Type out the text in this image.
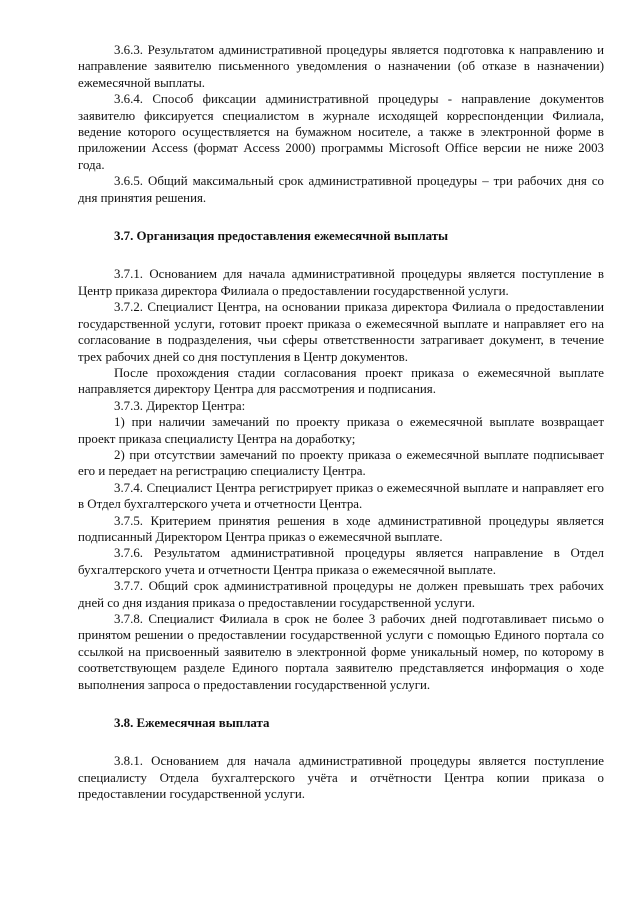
3.6.3. Результатом административной процедуры является подготовка к направлению и направление заявителю письменного уведомления о назначении (об отказе в назначении) ежемесячной выплаты.

3.6.4. Способ фиксации административной процедуры - направление документов заявителю фиксируется специалистом в журнале исходящей корреспонденции Филиала, ведение которого осуществляется на бумажном носителе, а также в электронной форме в приложении Access (формат Access 2000) программы Microsoft Office версии не ниже 2003 года.

3.6.5. Общий максимальный срок административной процедуры – три рабочих дня со дня принятия решения.

3.7. Организация предоставления ежемесячной выплаты

3.7.1. Основанием для начала административной процедуры является поступление в Центр приказа директора Филиала о предоставлении государственной услуги.

3.7.2. Специалист Центра, на основании приказа директора Филиала о предоставлении государственной услуги, готовит проект приказа о ежемесячной выплате и направляет его на согласование в подразделения, чьи сферы ответственности затрагивает документ, в течение трех рабочих дней со дня поступления в Центр документов.

После прохождения стадии согласования проект приказа о ежемесячной выплате направляется директору Центра для рассмотрения и подписания.

3.7.3. Директор Центра:

1) при наличии замечаний по проекту приказа о ежемесячной выплате возвращает проект приказа специалисту Центра на доработку;

2) при отсутствии замечаний по проекту приказа о ежемесячной выплате подписывает его и передает на регистрацию специалисту Центра.

3.7.4. Специалист Центра регистрирует приказ о ежемесячной выплате и направляет его в Отдел бухгалтерского учета и отчетности Центра.

3.7.5. Критерием принятия решения в ходе административной процедуры является подписанный Директором Центра приказ о ежемесячной выплате.

3.7.6. Результатом административной процедуры является направление в Отдел бухгалтерского учета и отчетности Центра приказа о ежемесячной выплате.

3.7.7. Общий срок административной процедуры не должен превышать трех рабочих дней со дня издания приказа о предоставлении государственной услуги.

3.7.8. Специалист Филиала в срок не более 3 рабочих дней подготавливает письмо о принятом решении о предоставлении государственной услуги с помощью Единого портала со ссылкой на присвоенный заявителю в электронной форме уникальный номер, по которому в соответствующем разделе Единого портала заявителю представляется информация о ходе выполнения запроса о предоставлении государственной услуги.

3.8. Ежемесячная выплата

3.8.1. Основанием для начала административной процедуры является поступление специалисту Отдела бухгалтерского учёта и отчётности Центра копии приказа о предоставлении государственной услуги.
